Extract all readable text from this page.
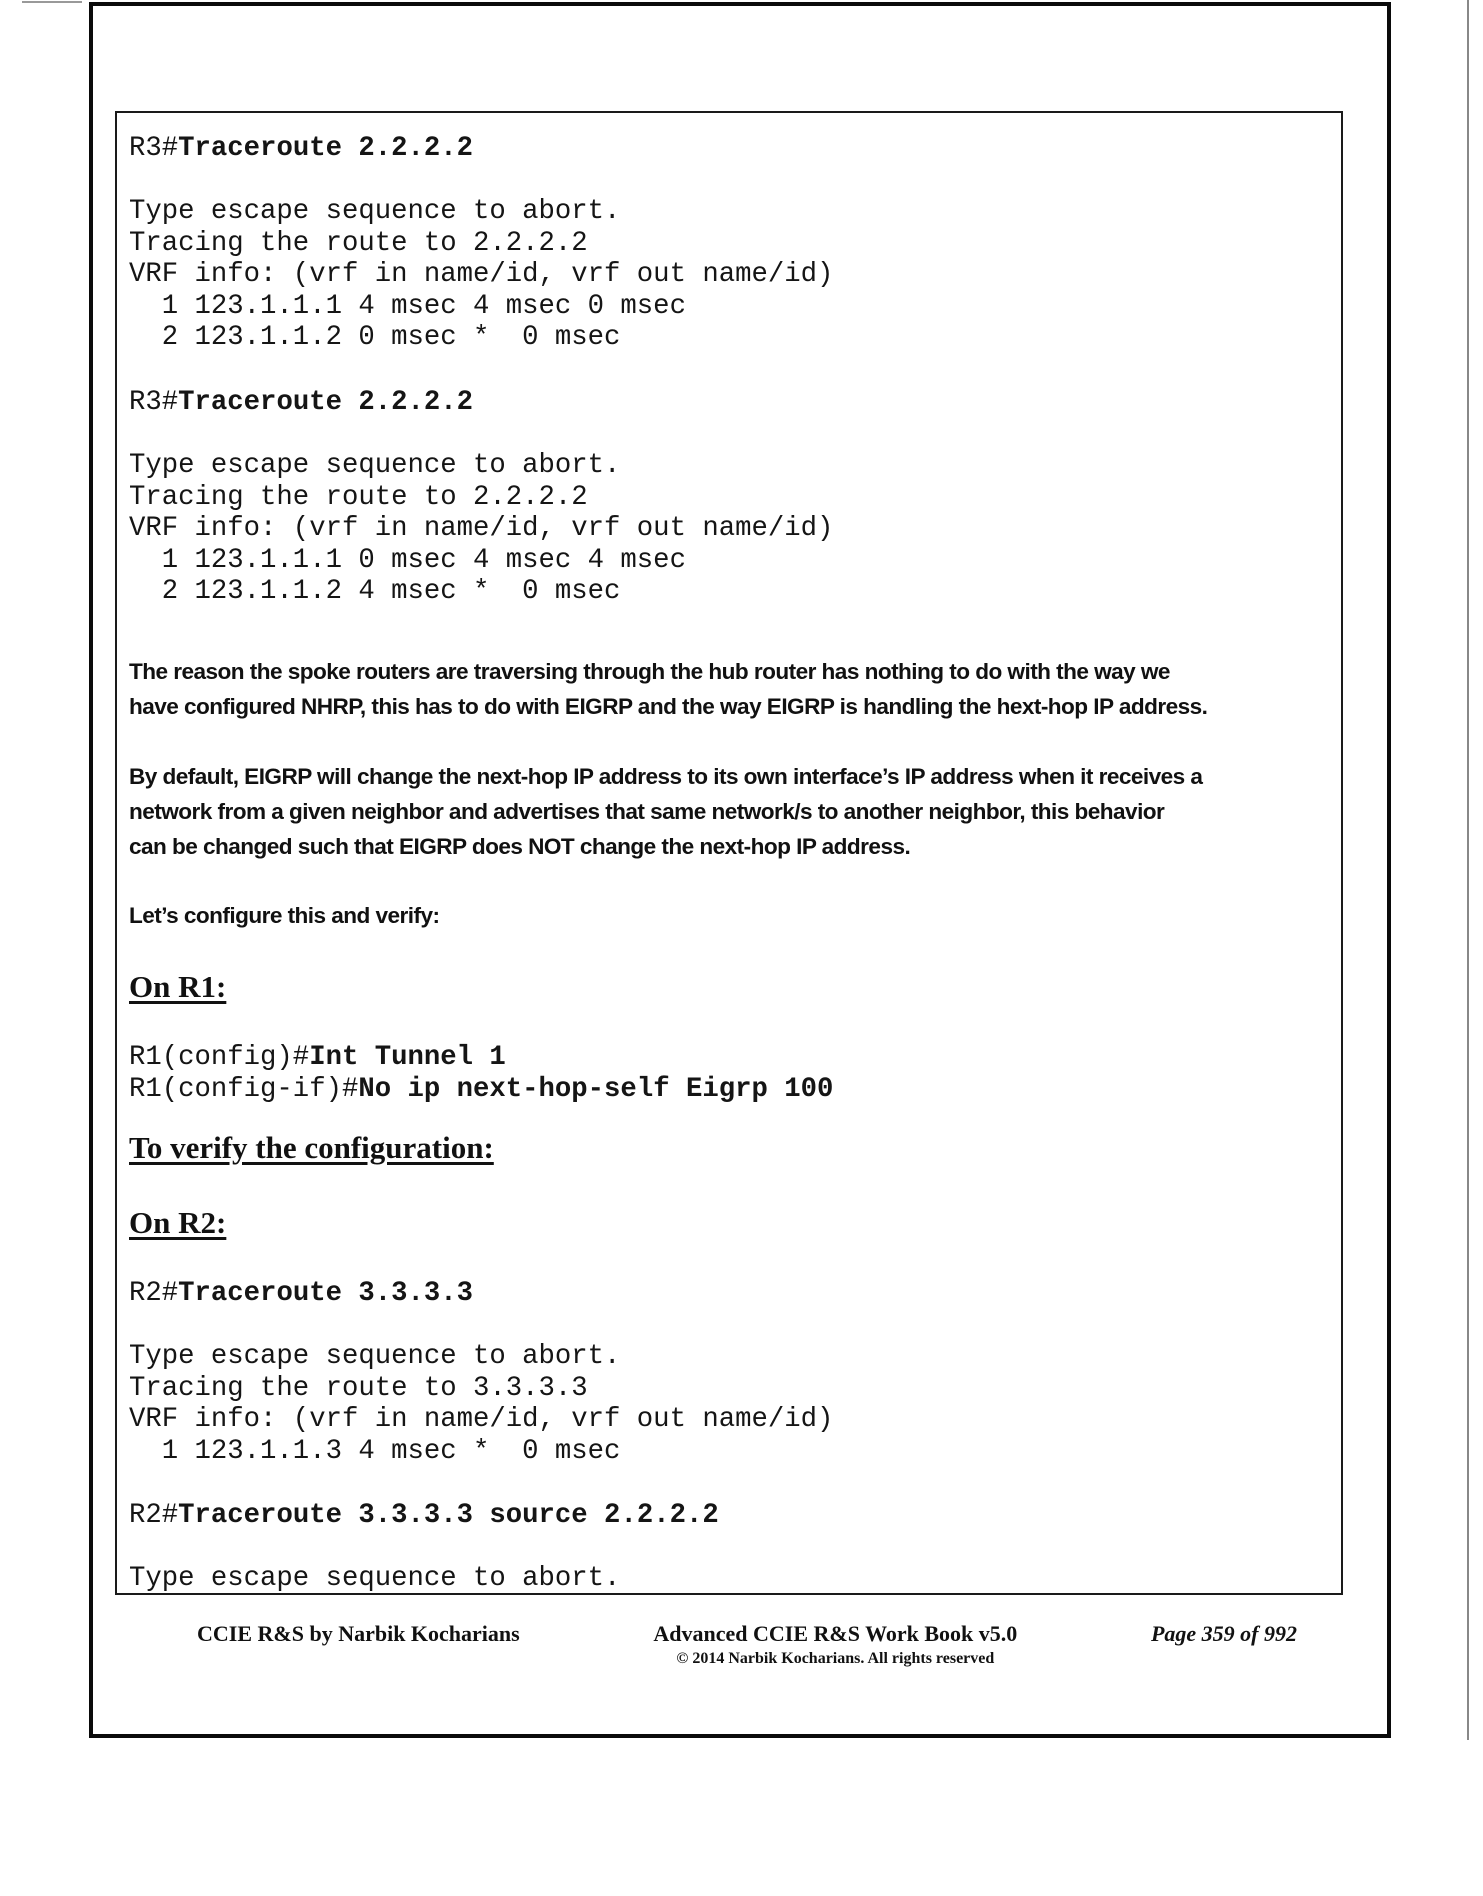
R3#Traceroute 2.2.2.2
Type escape sequence to abort.
Tracing the route to 2.2.2.2
VRF info: (vrf in name/id, vrf out name/id)
1 123.1.1.1 4 msec 4 msec 0 msec
2 123.1.1.2 0 msec *  0 msec
R3#Traceroute 2.2.2.2
Type escape sequence to abort.
Tracing the route to 2.2.2.2
VRF info: (vrf in name/id, vrf out name/id)
1 123.1.1.1 0 msec 4 msec 4 msec
2 123.1.1.2 4 msec *  0 msec
The reason the spoke routers are traversing through the hub router has nothing to do with the way we
have configured NHRP, this has to do with EIGRP and the way EIGRP is handling the hext-hop IP address.
By default, EIGRP will change the next-hop IP address to its own interface’s IP address when it receives a
network from a given neighbor and advertises that same network/s to another neighbor, this behavior
can be changed such that EIGRP does NOT change the next-hop IP address.
Let’s configure this and verify:
On R1:
R1(config)#Int Tunnel 1
R1(config-if)#No ip next-hop-self Eigrp 100
To verify the configuration:
On R2:
R2#Traceroute 3.3.3.3
Type escape sequence to abort.
Tracing the route to 3.3.3.3
VRF info: (vrf in name/id, vrf out name/id)
1 123.1.1.3 4 msec *  0 msec
R2#Traceroute 3.3.3.3 source 2.2.2.2
Type escape sequence to abort.
CCIE R&S by Narbik Kocharians	Advanced CCIE R&S Work Book v5.0
© 2014 Narbik Kocharians. All rights reserved
Page 359 of 992
